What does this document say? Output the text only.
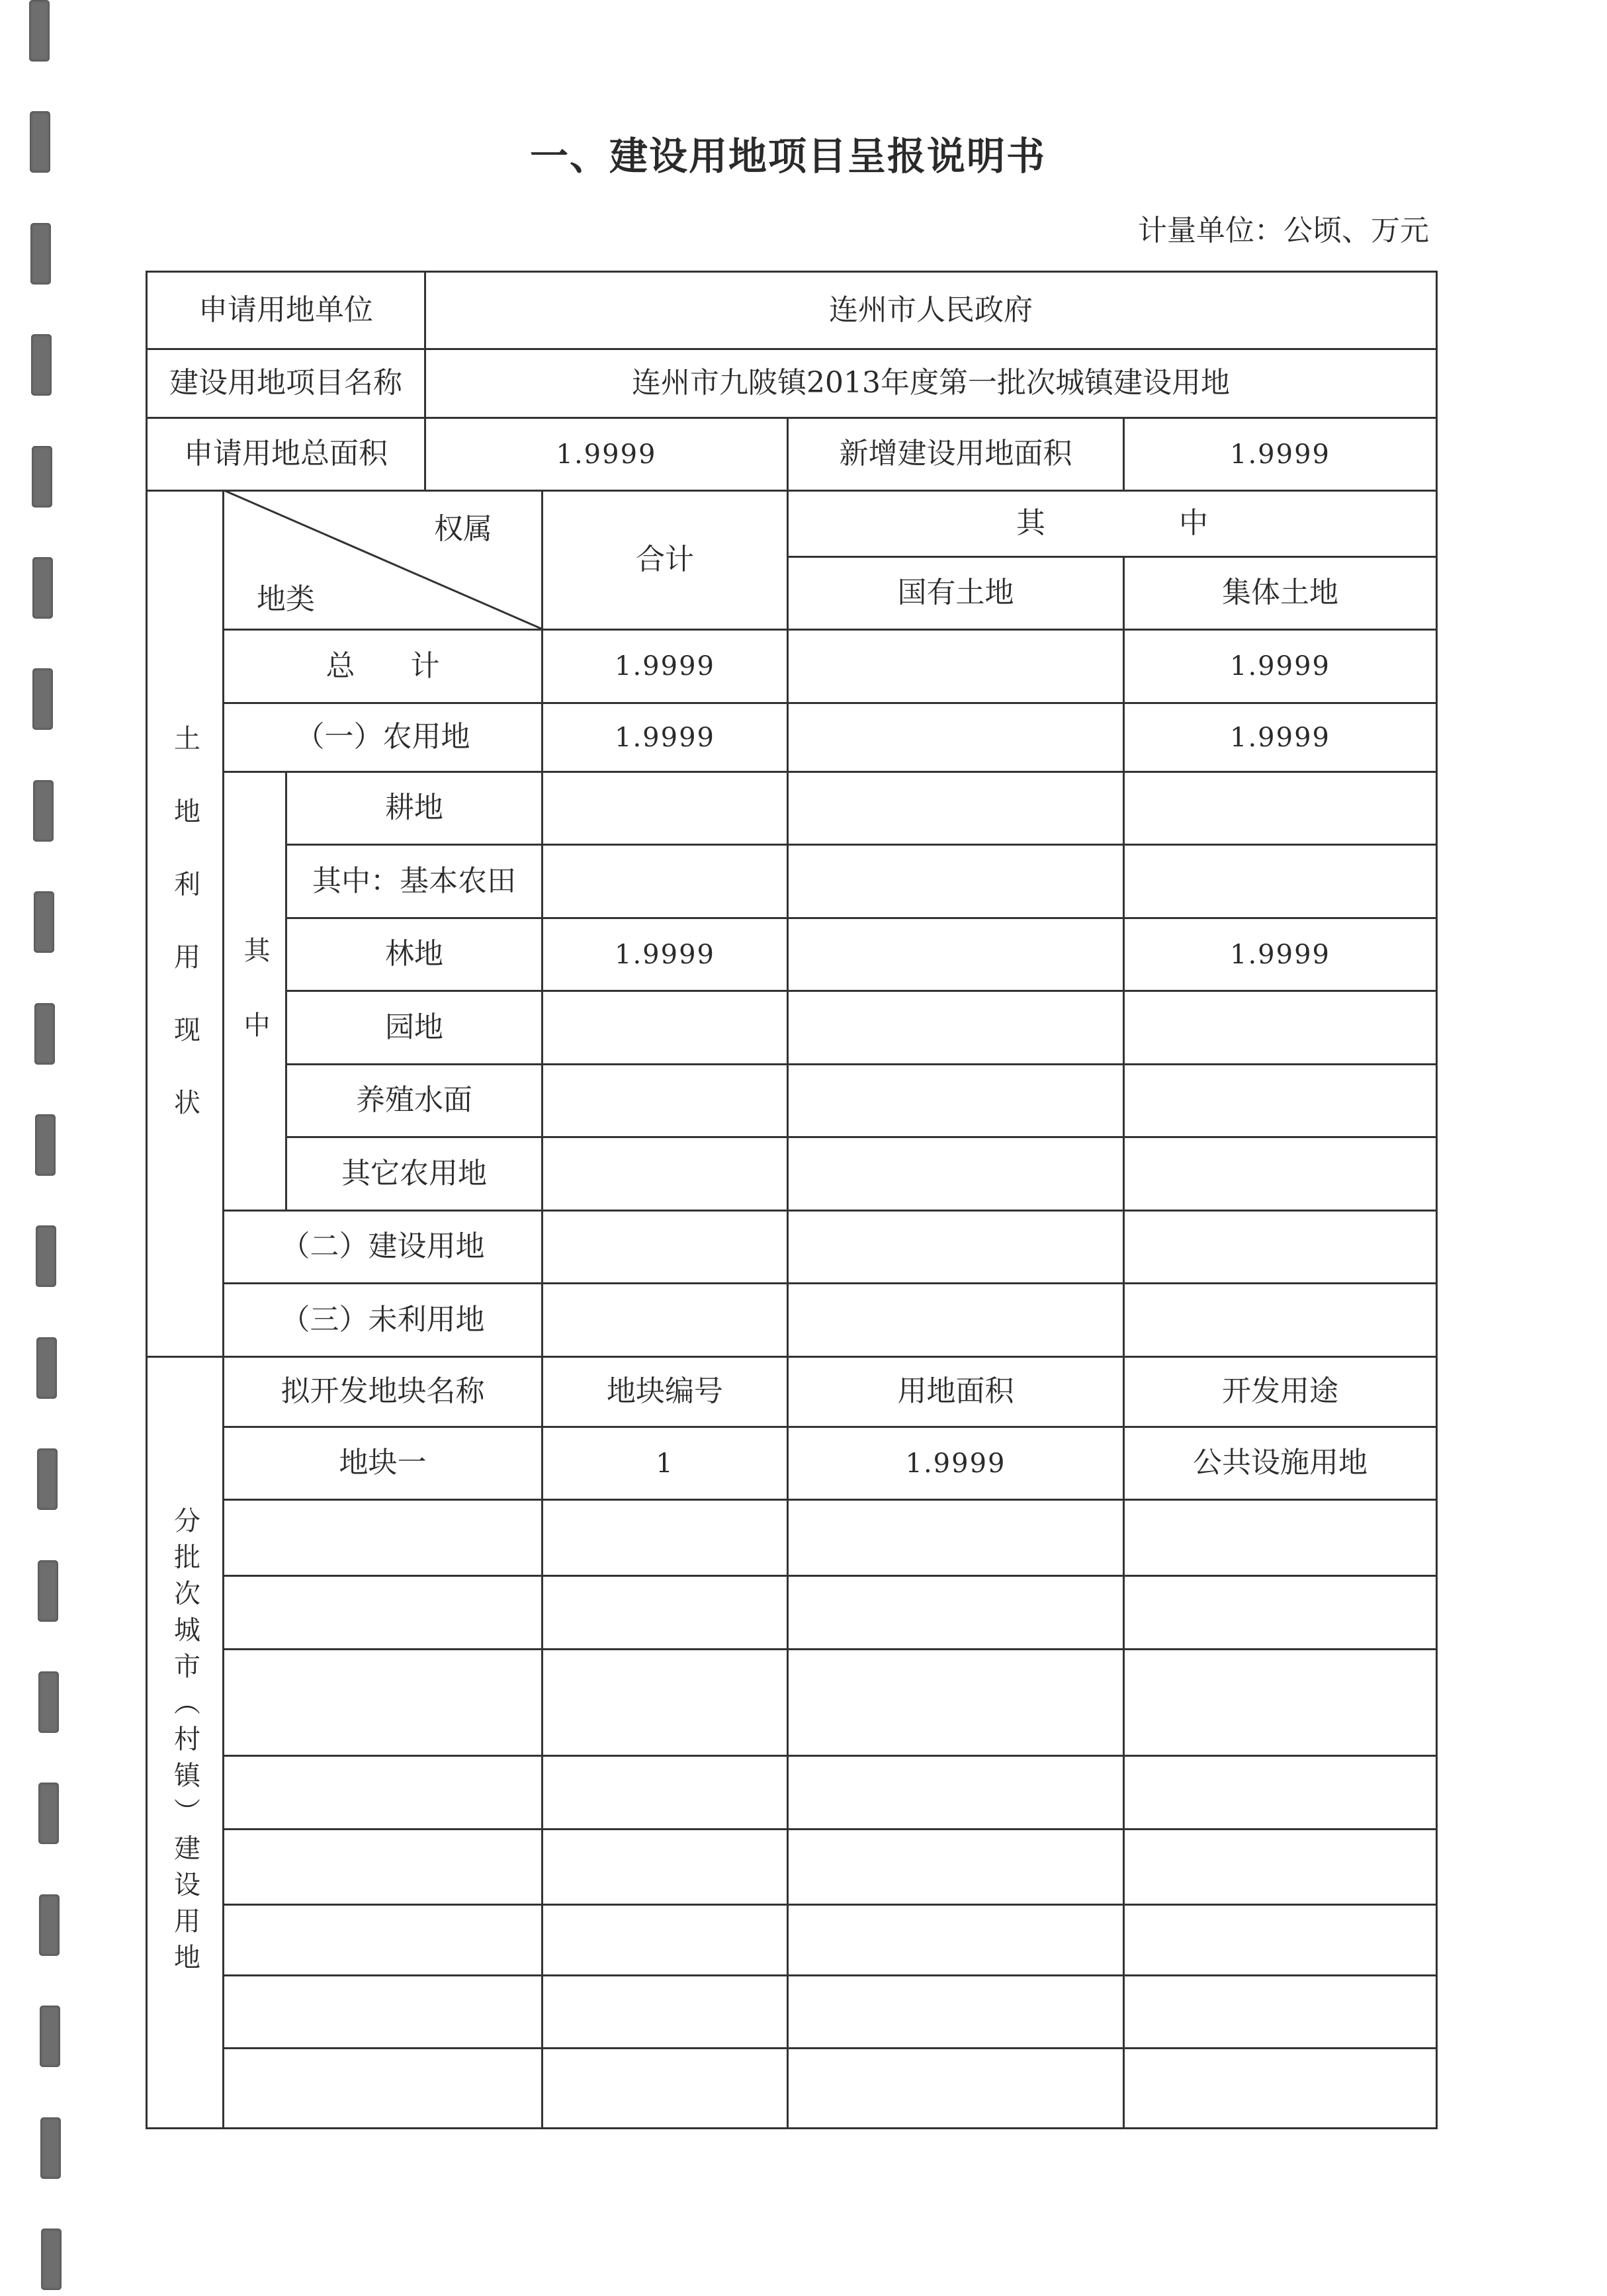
一、建设用地项目呈报说明书
计量单位：公顷、万元
申请用地单位			连州市人民政府			
建设用地项目名称			连州市九陂镇2013年度第一批次城镇建设用地			
申请用地总面积			1.9999		新增建设用地面积	1.9999
土地利用现状				合计	其 中	
					国有土地	集体土地
	总 计			1.9999		1.9999
	（一）农用地			1.9999		1.9999
	其中	耕地				
		其中：基本农田				
		林地		1.9999		1.9999
		园地				
		养殖水面				
		其它农用地				
	（二）建设用地					
	（三）未利用地					
分批次城市（村镇）建设用地	拟开发地块名称			地块编号	用地面积	开发用途
	地块一			1	1.9999	公共设施用地

权属
地类
